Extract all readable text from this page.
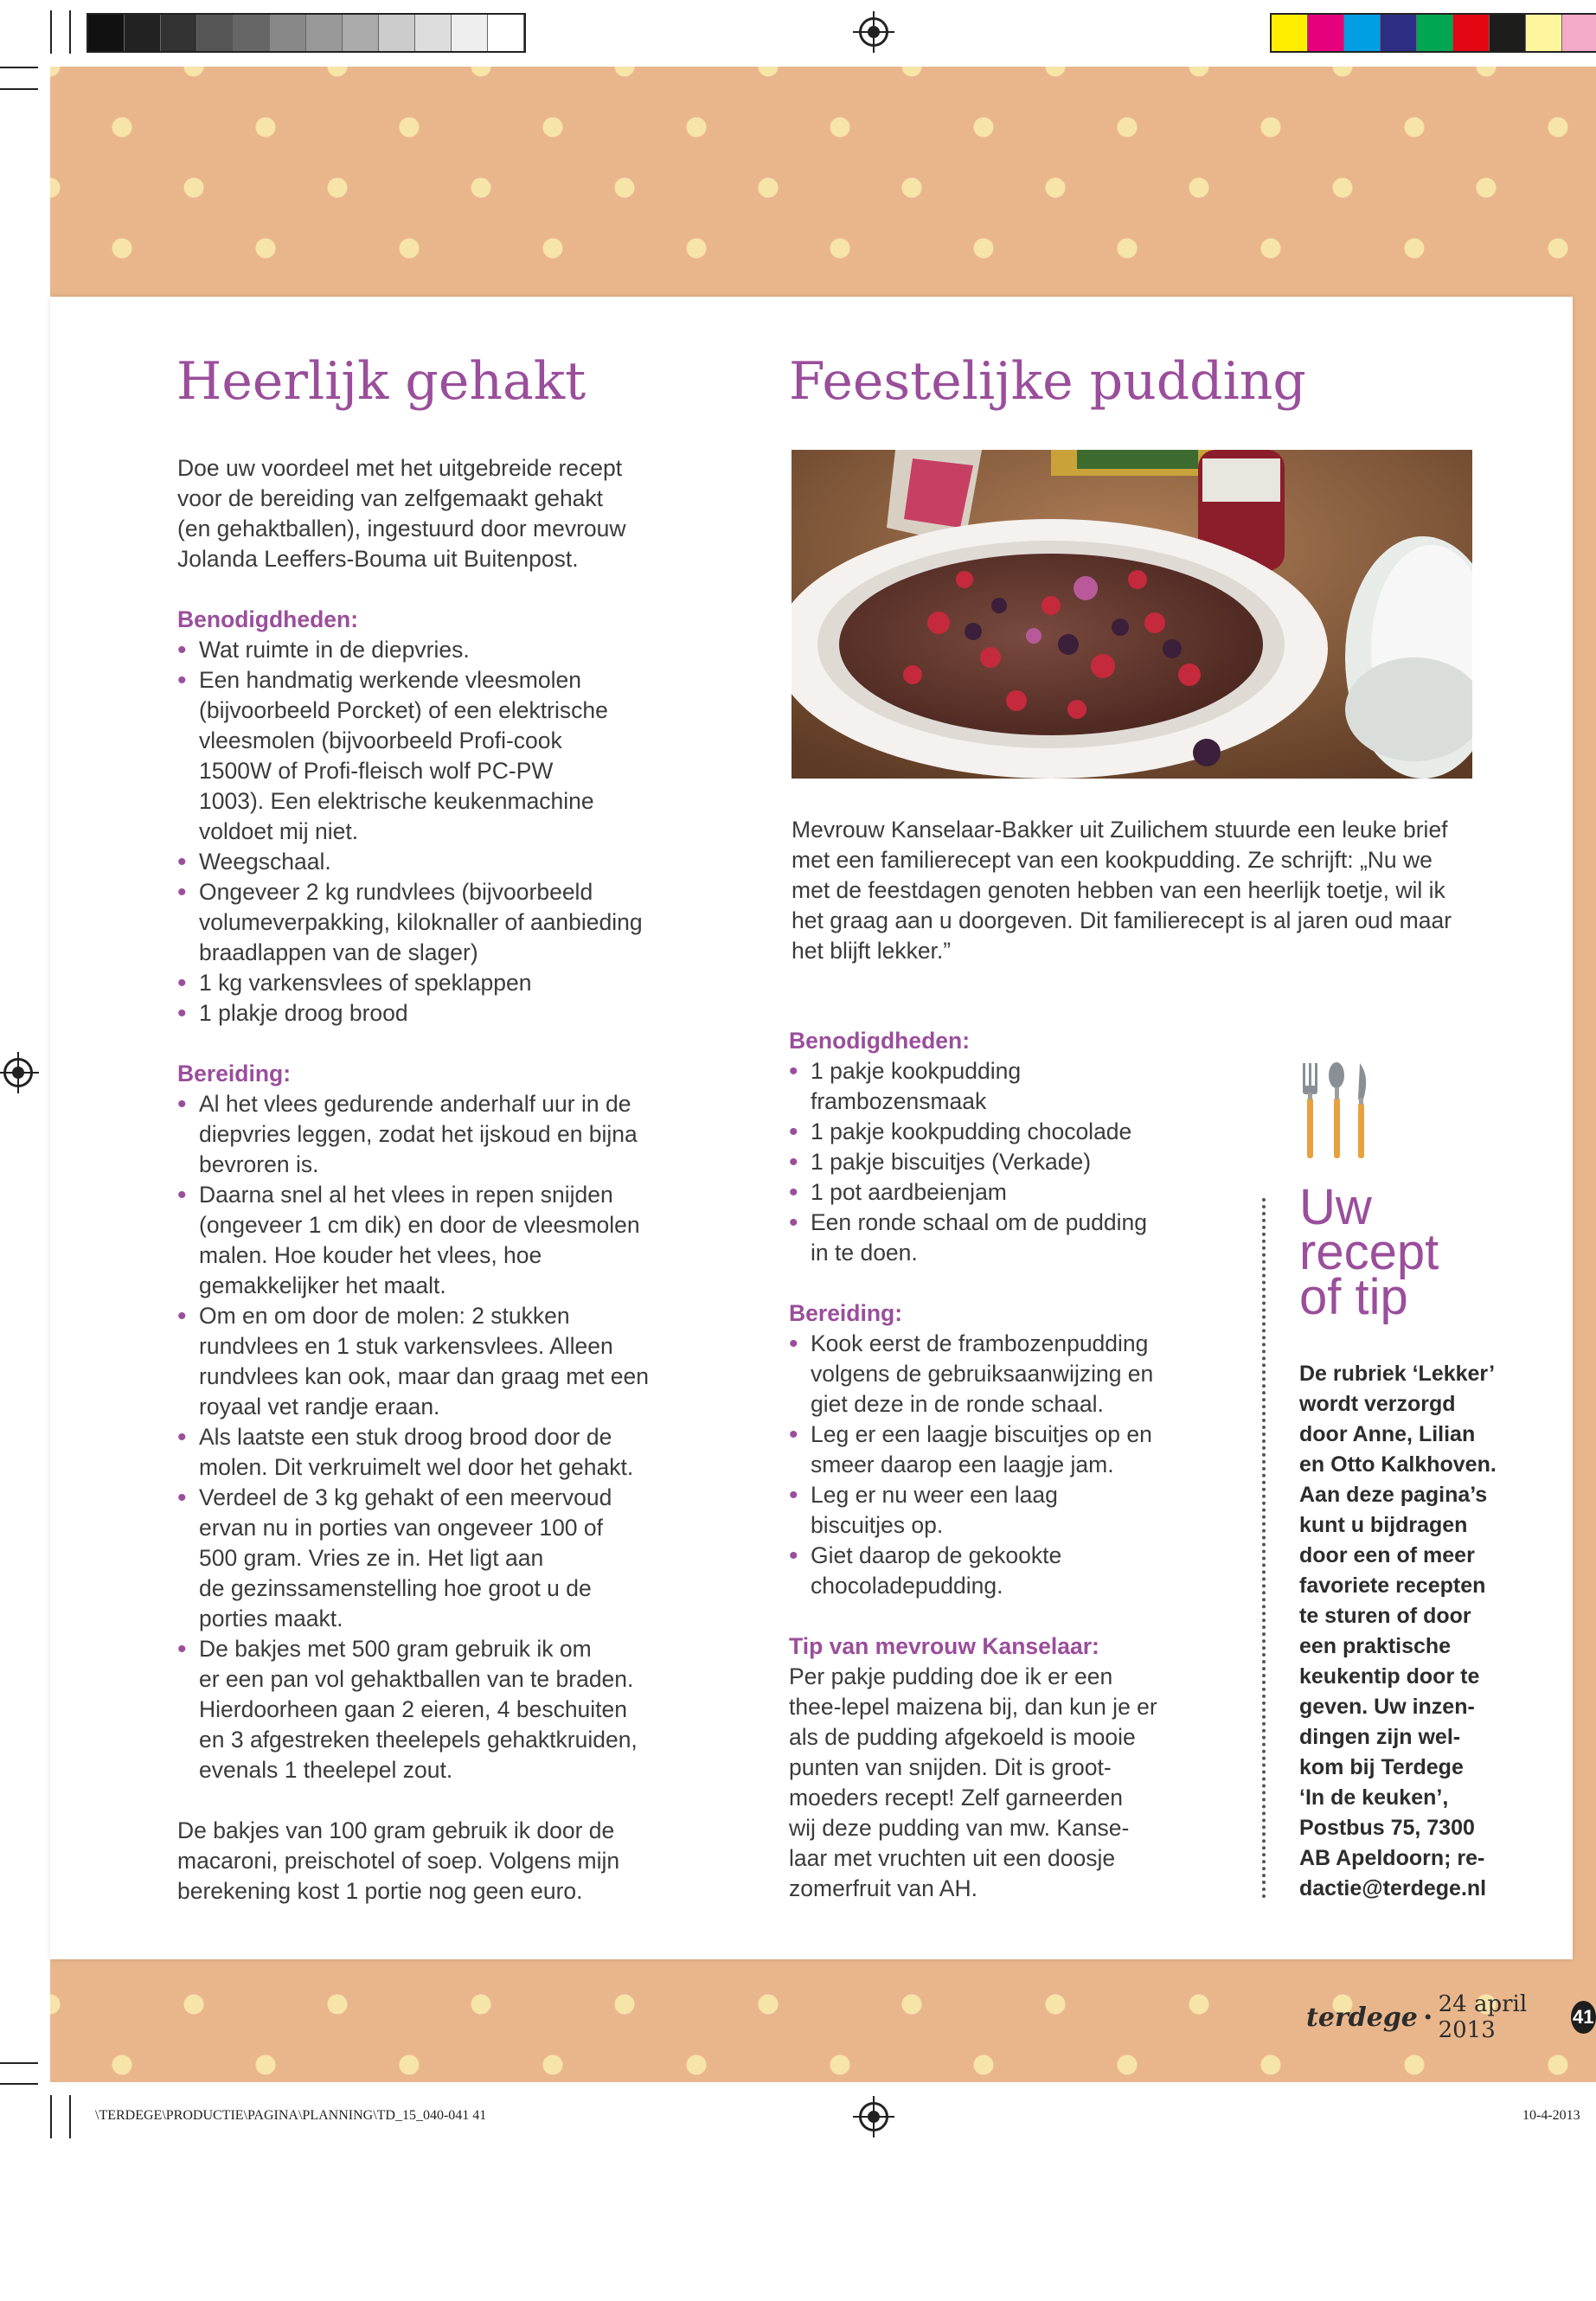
Heerlijk gehakt

Doe uw voordeel met het uitgebreide recept

voor de bereiding van zelfgemaakt gehakt

(en gehaktballen), ingestuurd door mevrouw

Jolanda Leeffers-Bouma uit Buitenpost.

Benodigdheden:

• Wat ruimte in de diepvries.
• Een handmatig werkende vleesmolen
(bijvoorbeeld Porcket) of een elektrische
vleesmolen (bijvoorbeeld Profi-cook
1500W of Profi-fleisch wolf PC-PW
1003). Een elektrische keukenmachine
voldoet mij niet.
• Weegschaal.
• Ongeveer 2 kg rundvlees (bijvoorbeeld
volumeverpakking, kiloknaller of aanbieding
braadlappen van de slager)
• 1 kg varkensvlees of speklappen
• 1 plakje droog brood

Bereiding:

• Al het vlees gedurende anderhalf uur in de
diepvries leggen, zodat het ijskoud en bijna
bevroren is.
• Daarna snel al het vlees in repen snijden
(ongeveer 1 cm dik) en door de vleesmolen
malen. Hoe kouder het vlees, hoe
gemakkelijker het maalt.
• Om en om door de molen: 2 stukken
rundvlees en 1 stuk varkensvlees. Alleen
rundvlees kan ook, maar dan graag met een
royaal vet randje eraan.
• Als laatste een stuk droog brood door de
molen. Dit verkruimelt wel door het gehakt.
• Verdeel de 3 kg gehakt of een meervoud
ervan nu in porties van ongeveer 100 of
500 gram. Vries ze in. Het ligt aan
de gezinssamenstelling hoe groot u de
porties maakt.
• De bakjes met 500 gram gebruik ik om
er een pan vol gehaktballen van te braden.
Hierdoorheen gaan 2 eieren, 4 beschuiten
en 3 afgestreken theelepels gehaktkruiden,
evenals 1 theelepel zout.

De bakjes van 100 gram gebruik ik door de

macaroni, preischotel of soep. Volgens mijn

berekening kost 1 portie nog geen euro.

Feestelijke pudding

Mevrouw Kanselaar-Bakker uit Zuilichem stuurde een leuke brief

met een familierecept van een kookpudding. Ze schrijft: „Nu we

met de feestdagen genoten hebben van een heerlijk toetje, wil ik

het graag aan u doorgeven. Dit familierecept is al jaren oud maar

het blijft lekker.”

Benodigdheden:

• 1 pakje kookpudding
frambozensmaak
• 1 pakje kookpudding chocolade
• 1 pakje biscuitjes (Verkade)
• 1 pot aardbeienjam
• Een ronde schaal om de pudding
in te doen.

Bereiding:

• Kook eerst de frambozenpudding
volgens de gebruiksaanwijzing en
giet deze in de ronde schaal.
• Leg er een laagje biscuitjes op en
smeer daarop een laagje jam.
• Leg er nu weer een laag
biscuitjes op.
• Giet daarop de gekookte
chocoladepudding.

Tip van mevrouw Kanselaar:

Per pakje pudding doe ik er een

thee-lepel maizena bij, dan kun je er

als de pudding afgekoeld is mooie

punten van snijden. Dit is groot-

moeders recept! Zelf garneerden

wij deze pudding van mw. Kanse-

laar met vruchten uit een doosje

zomerfruit van AH.

Uw
recept
of tip
De rubriek ‘Lekker’
wordt verzorgd
door Anne, Lilian
en Otto Kalkhoven.
Aan deze pagina’s
kunt u bijdragen
door een of meer
favoriete recepten
te sturen of door
een praktische
keukentip door te
geven. Uw inzen-
dingen zijn wel-
kom bij Terdege
‘In de keuken’,
Postbus 75, 7300
AB Apeldoorn; re-
dactie@terdege.nl
terdege • 24 april 2013
41
\TERDEGE\PRODUCTIE\PAGINA\PLANNING\TD_15_040-041 41	10-4-2013
